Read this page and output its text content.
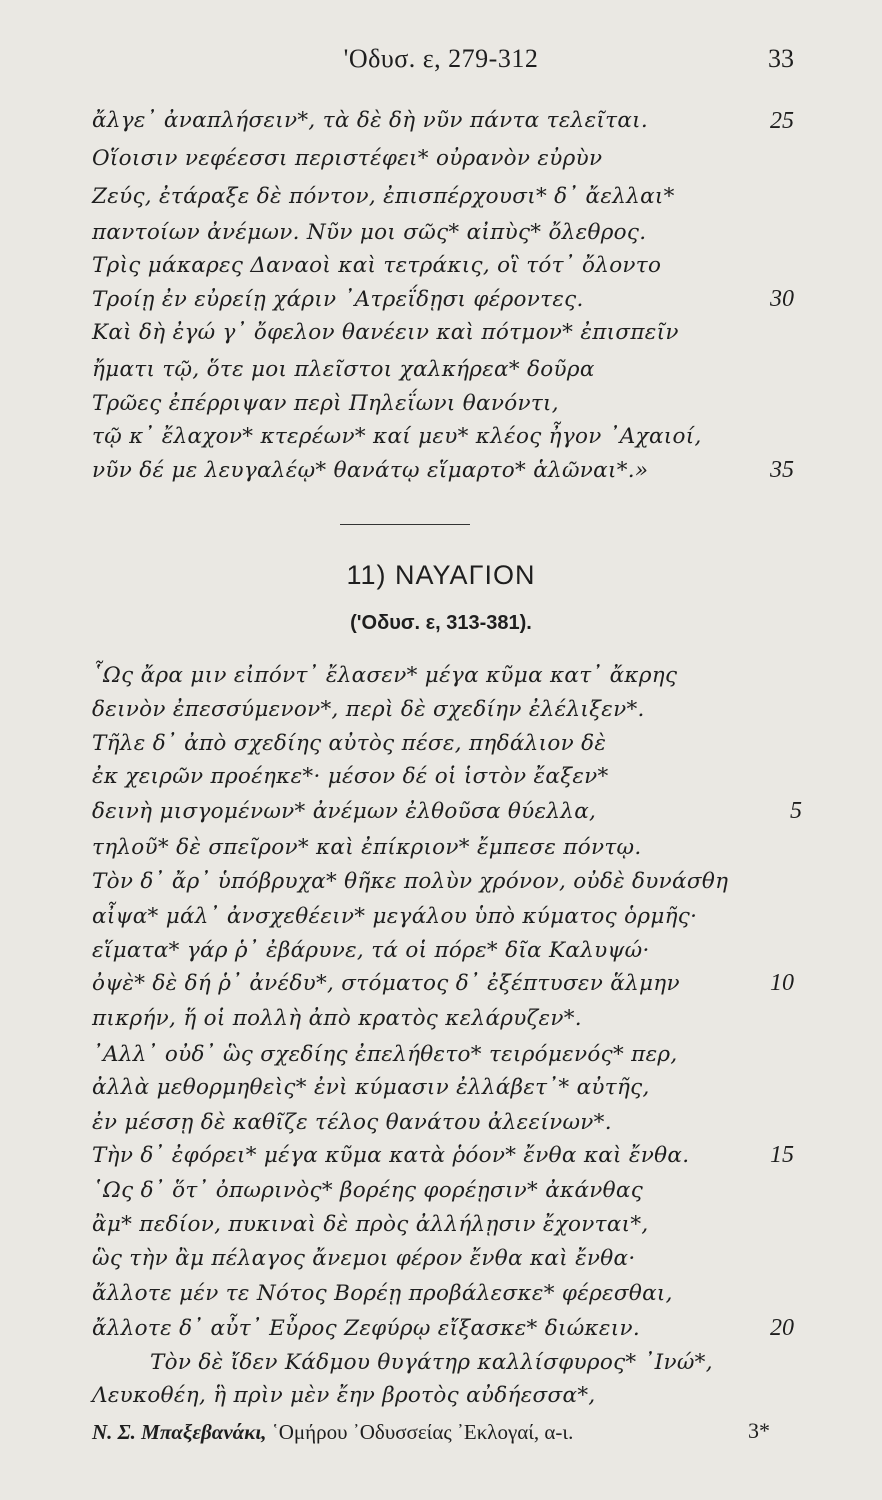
'Οδυσ. ε, 279-312	33
ἄλγε᾿ ἀναπλήσειν*, τὰ δὲ δὴ νῦν πάντα τελεῖται.
Οἵοισιν νεφέεσσι περιστέφει* οὐρανὸν εὐρὺν
Ζεύς, ἐτάραξε δὲ πόντον, ἐπισπέρχουσι* δ᾿ ἄελλαι*
παντοίων ἀνέμων. Νῦν μοι σῶς* αἰπὺς* ὄλεθρος.
Τρὶς μάκαρες Δαναοὶ καὶ τετράκις, οἳ τότ᾿ ὄλοντο
Τροίῃ ἐν εὐρείῃ χάριν ᾿Ατρεΐδῃσι φέροντες.
Καὶ δὴ ἐγώ γ᾿ ὄφελον θανέειν καὶ πότμον* ἐπισπεῖν
ἤματι τῷ, ὅτε μοι πλεῖστοι χαλκήρεα* δοῦρα
Τρῶες ἐπέρριψαν περὶ Πηλεΐωνι θανόντι,
τῷ κ᾿ ἔλαχον* κτερέων* καί μευ* κλέος ἦγον ᾿Αχαιοί,
νῦν δέ με λευγαλέῳ* θανάτῳ εἵμαρτο* ἁλῶναι*.»
25
30
35
11) ΝΑΥΑΓΙΟΝ
('Οδυσ. ε, 313-381).
῟Ως ἄρα μιν εἰπόντ᾿ ἔλασεν* μέγα κῦμα κατ᾿ ἄκρης
δεινὸν ἐπεσσύμενον*, περὶ δὲ σχεδίην ἐλέλιξεν*.
Τῆλε δ᾿ ἀπὸ σχεδίης αὐτὸς πέσε, πηδάλιον δὲ
ἐκ χειρῶν προέηκε*· μέσον δέ οἱ ἱστὸν ἔαξεν*
δεινὴ μισγομένων* ἀνέμων ἐλθοῦσα θύελλα,
τηλοῦ* δὲ σπεῖρον* καὶ ἐπίκριον* ἔμπεσε πόντῳ.
Τὸν δ᾿ ἄρ᾿ ὑπόβρυχα* θῆκε πολὺν χρόνον, οὐδὲ δυνάσθη
αἶψα* μάλ᾿ ἀνσχεθέειν* μεγάλου ὑπὸ κύματος ὁρμῆς·
εἵματα* γάρ ῥ᾿ ἐβάρυνε, τά οἱ πόρε* δῖα Καλυψώ·
ὀψὲ* δὲ δή ῥ᾿ ἀνέδυ*, στόματος δ᾿ ἐξέπτυσεν ἅλμην
πικρήν, ἥ οἱ πολλὴ ἀπὸ κρατὸς κελάρυζεν*.
᾿Αλλ᾿ οὐδ᾿ ὣς σχεδίης ἐπελήθετο* τειρόμενός* περ,
ἀλλὰ μεθορμηθεὶς* ἐνὶ κύμασιν ἐλλάβετ᾿* αὐτῆς,
ἐν μέσσῃ δὲ καθῖζε τέλος θανάτου ἀλεείνων*.
Τὴν δ᾿ ἐφόρει* μέγα κῦμα κατὰ ῥόον* ἔνθα καὶ ἔνθα.
῾Ως δ᾿ ὅτ᾿ ὀπωρινὸς* βορέης φορέῃσιν* ἀκάνθας
ἂμ* πεδίον, πυκιναὶ δὲ πρὸς ἀλλήλῃσιν ἔχονται*,
ὣς τὴν ἂμ πέλαγος ἄνεμοι φέρον ἔνθα καὶ ἔνθα·
ἄλλοτε μέν τε Νότος Βορέῃ προβάλεσκε* φέρεσθαι,
ἄλλοτε δ᾿ αὖτ᾿ Εὖρος Ζεφύρῳ εἴξασκε* διώκειν.
Τὸν δὲ ἴδεν Κάδμου θυγάτηρ καλλίσφυρος* ᾿Ινώ*,
Λευκοθέη, ἣ πρὶν μὲν ἔην βροτὸς αὐδήεσσα*,
5
10
15
20
Ν. Σ. Μπαξεβανάκι, ῾Ομήρου ᾿Οδυσσείας ᾿Εκλογαί, α-ι.	3*
